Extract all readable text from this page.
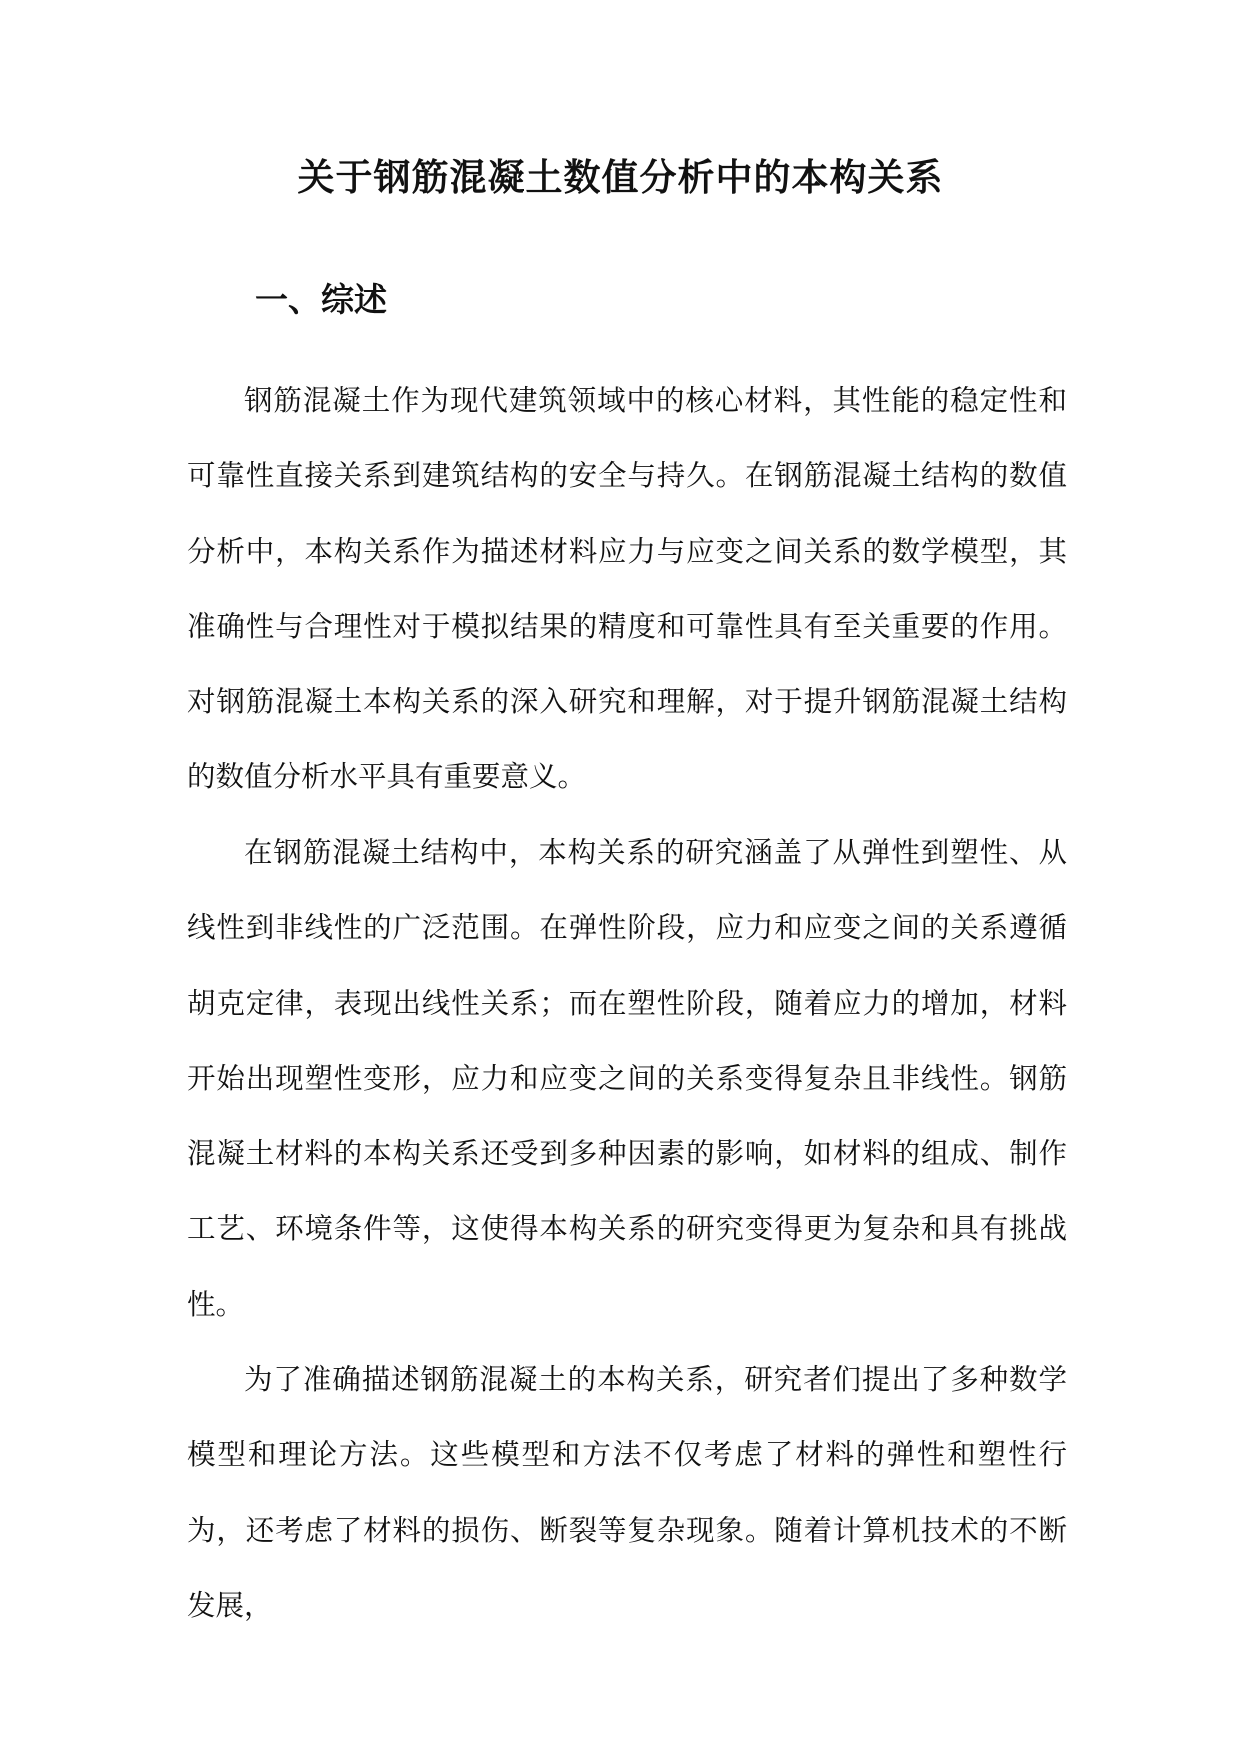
关于钢筋混凝土数值分析中的本构关系
一、综述

钢筋混凝土作为现代建筑领域中的核心材料，其性能的稳定性和可靠性直接关系到建筑结构的安全与持久。在钢筋混凝土结构的数值分析中，本构关系作为描述材料应力与应变之间关系的数学模型，其准确性与合理性对于模拟结果的精度和可靠性具有至关重要的作用。对钢筋混凝土本构关系的深入研究和理解，对于提升钢筋混凝土结构的数值分析水平具有重要意义。

在钢筋混凝土结构中，本构关系的研究涵盖了从弹性到塑性、从线性到非线性的广泛范围。在弹性阶段，应力和应变之间的关系遵循胡克定律，表现出线性关系；而在塑性阶段，随着应力的增加，材料开始出现塑性变形，应力和应变之间的关系变得复杂且非线性。钢筋混凝土材料的本构关系还受到多种因素的影响，如材料的组成、制作工艺、环境条件等，这使得本构关系的研究变得更为复杂和具有挑战性。

为了准确描述钢筋混凝土的本构关系，研究者们提出了多种数学模型和理论方法。这些模型和方法不仅考虑了材料的弹性和塑性行为，还考虑了材料的损伤、断裂等复杂现象。随着计算机技术的不断发展，
